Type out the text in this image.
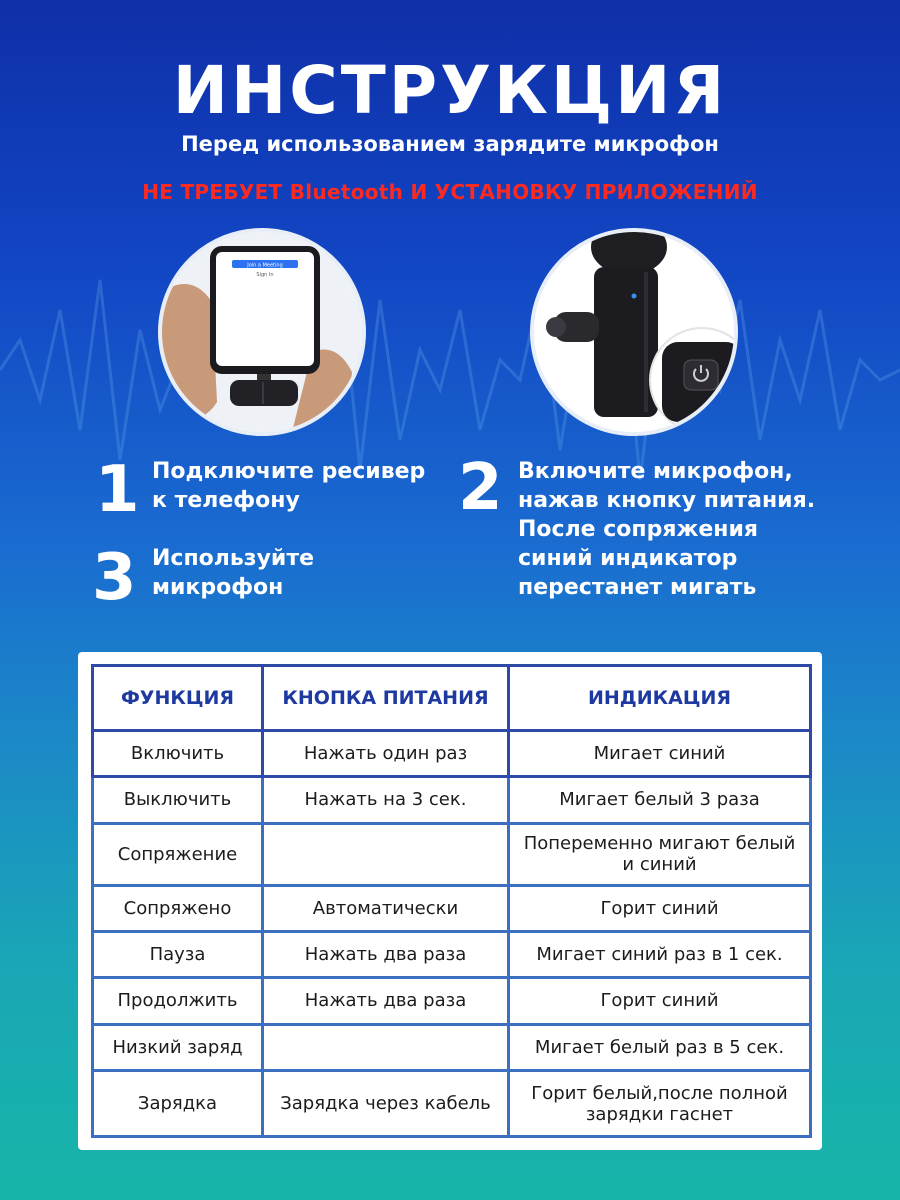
ИНСТРУКЦИЯ
Перед использованием зарядите микрофон
НЕ ТРЕБУЕТ Bluetooth И УСТАНОВКУ ПРИЛОЖЕНИЙ
Join a Meeting
Sign In
1 Подключите ресивер
к телефону	2 Включите микрофон,
нажав кнопку питания.
После сопряжения
синий индикатор
перестанет мигать
3 Используйте
микрофон
ФУНКЦИЯ	КНОПКА ПИТАНИЯ	ИНДИКАЦИЯ
Включить	Нажать один раз	Мигает синий
Выключить	Нажать на 3 сек.	Мигает белый 3 раза
Сопряжение		Попеременно мигают белый и синий
Сопряжено	Автоматически	Горит синий
Пауза	Нажать два раза	Мигает синий раз в 1 сек.
Продолжить	Нажать два раза	Горит синий
Низкий заряд		Мигает белый раз в 5 сек.
Зарядка	Зарядка через кабель	Горит белый,после полной зарядки гаснет
